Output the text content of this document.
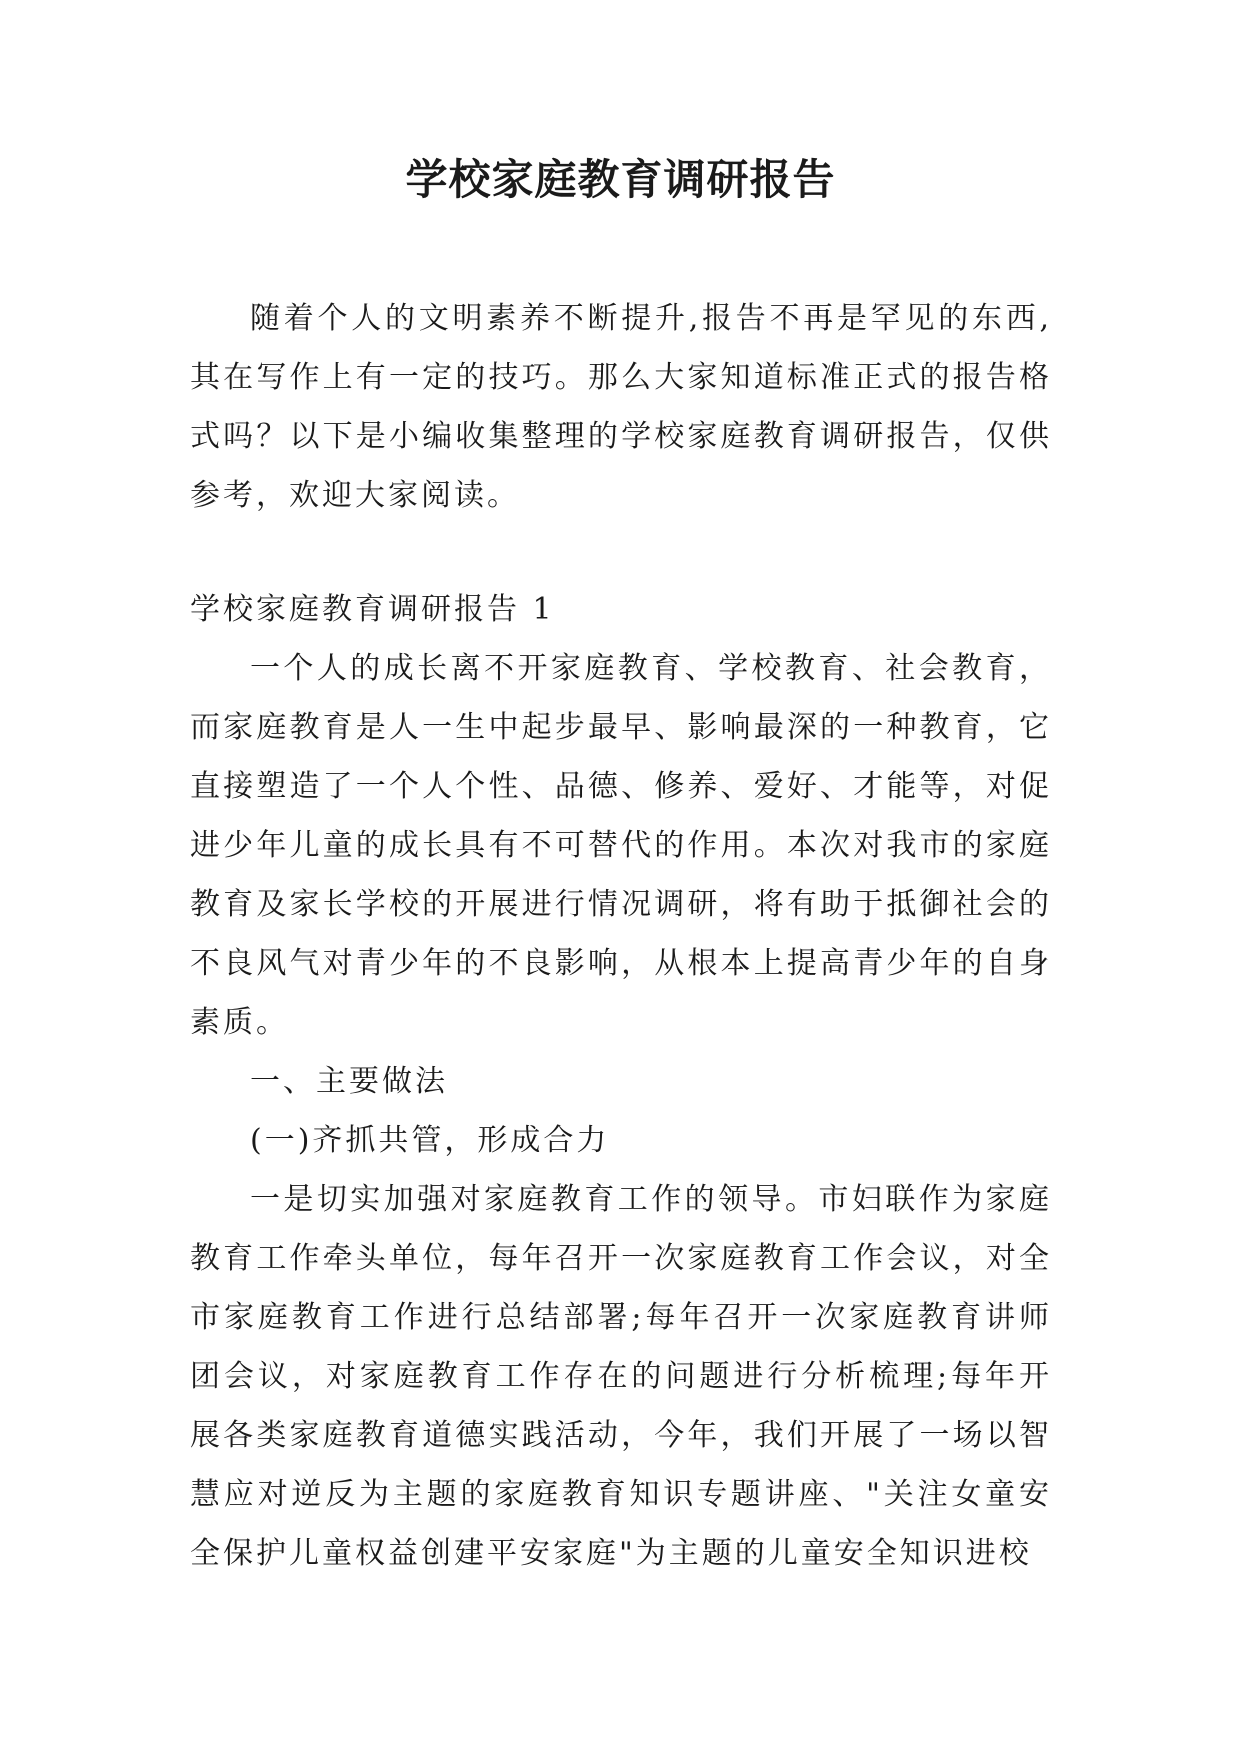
学校家庭教育调研报告

随着个人的文明素养不断提升,报告不再是罕见的东西,其在写作上有一定的技巧。那么大家知道标准正式的报告格式吗？以下是小编收集整理的学校家庭教育调研报告，仅供参考，欢迎大家阅读。

学校家庭教育调研报告 1

一个人的成长离不开家庭教育、学校教育、社会教育，而家庭教育是人一生中起步最早、影响最深的一种教育，它直接塑造了一个人个性、品德、修养、爱好、才能等，对促进少年儿童的成长具有不可替代的作用。本次对我市的家庭教育及家长学校的开展进行情况调研，将有助于抵御社会的不良风气对青少年的不良影响，从根本上提高青少年的自身素质。

一、主要做法

(一)齐抓共管，形成合力

一是切实加强对家庭教育工作的领导。市妇联作为家庭教育工作牵头单位，每年召开一次家庭教育工作会议，对全市家庭教育工作进行总结部署;每年召开一次家庭教育讲师团会议，对家庭教育工作存在的问题进行分析梳理;每年开展各类家庭教育道德实践活动，今年，我们开展了一场以智慧应对逆反为主题的家庭教育知识专题讲座、"关注女童安全保护儿童权益创建平安家庭"为主题的儿童安全知识进校
